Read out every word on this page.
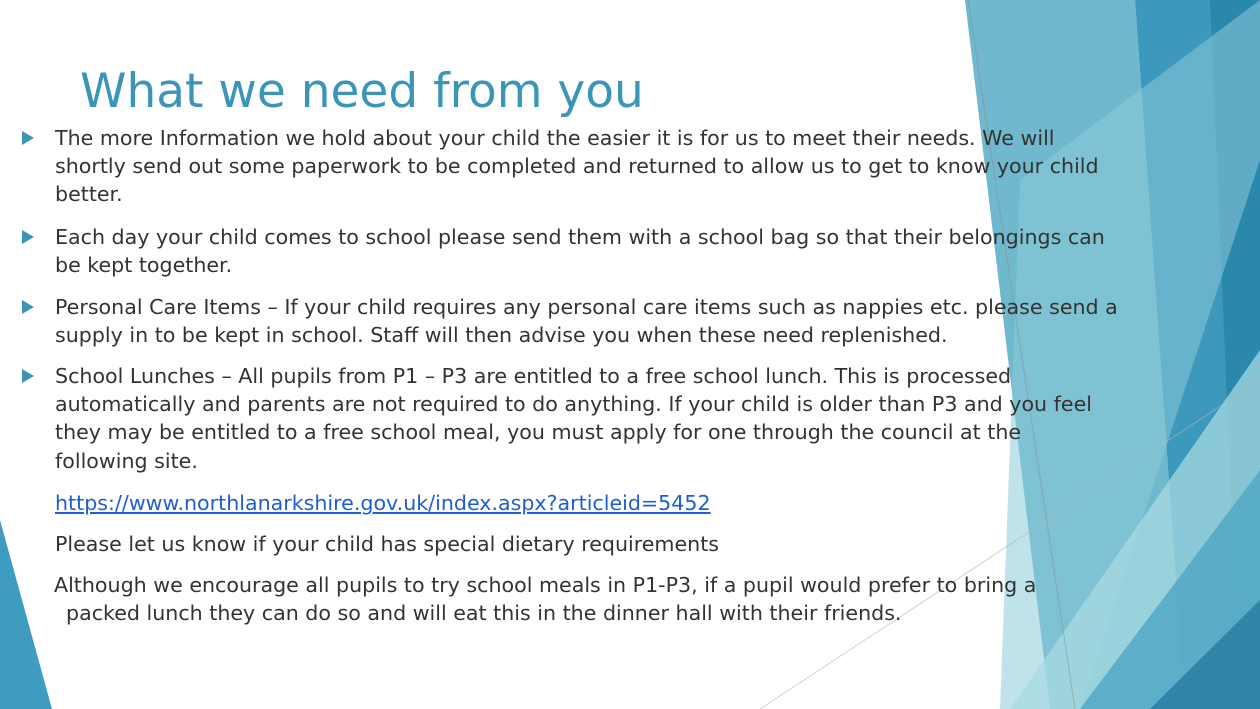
What we need from you
The more Information we hold about your child the easier it is for us to meet their needs. We will
shortly send out some paperwork to be completed and returned to allow us to get to know your child
better.
Each day your child comes to school please send them with a school bag so that their belongings can
be kept together.
Personal Care Items – If your child requires any personal care items such as nappies etc. please send a
supply in to be kept in school. Staff will then advise you when these need replenished.
School Lunches – All pupils from P1 – P3 are entitled to a free school lunch. This is processed
automatically and parents are not required to do anything. If your child is older than P3 and you feel
they may be entitled to a free school meal, you must apply for one through the council at the
following site.
https://www.northlanarkshire.gov.uk/index.aspx?articleid=5452
Please let us know if your child has special dietary requirements
Although we encourage all pupils to try school meals in P1-P3, if a pupil would prefer to bring a
packed lunch they can do so and will eat this in the dinner hall with their friends.
